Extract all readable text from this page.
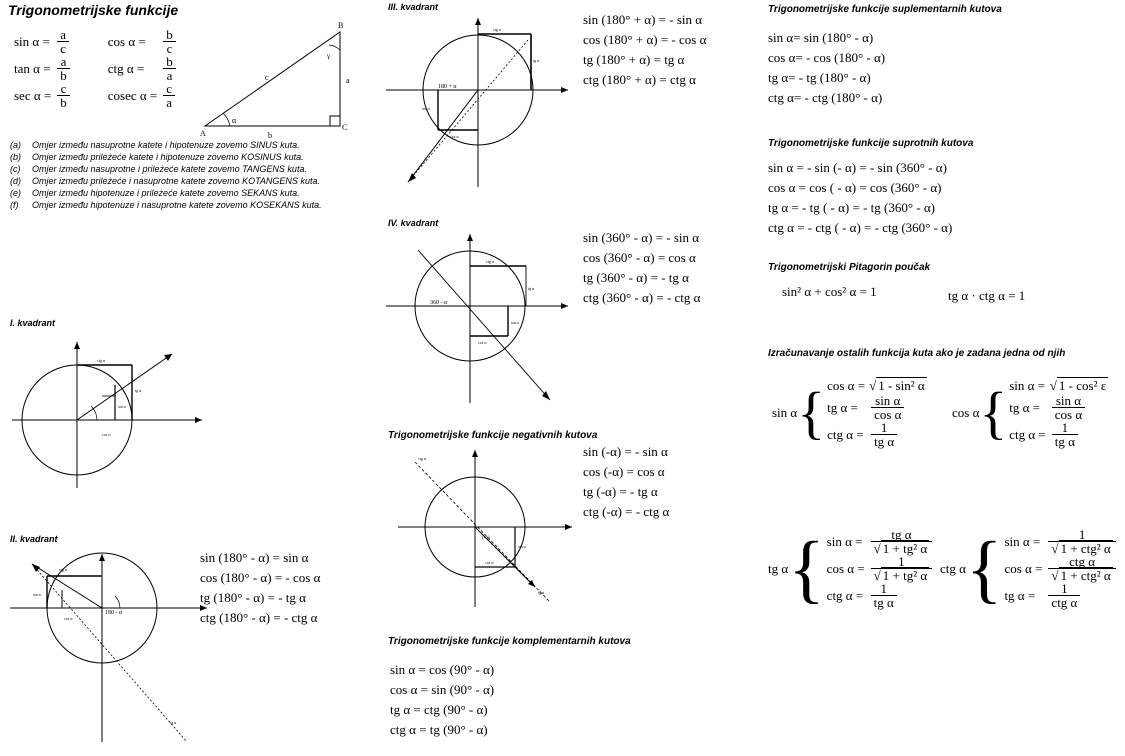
Trigonometrijske funkcije
sin α =	$\frac{a}{c}$		cos α =	$\frac{b}{c}$

tan α =	$\frac{a}{b}$		ctg α =	$\frac{b}{a}$

sec α =	$\frac{c}{b}$		cosec α =	$\frac{c}{a}$
A
B
C
b
a
c
α
γ
(a)	Omjer između nasuprotne katete i hipotenuze zovemo SINUS kuta.
(b)	Omjer između prileżeće katete i hipotenuze zovemo KOSINUS kuta.
(c)	Omjer između nasuprotne i prileżeće katete zovemo TANGENS kuta.
(d)	Omjer između prileżeće i nasuprotne katete zovemo KOTANGENS kuta.
(e)	Omjer između hipotenuze i prileżeće katete zovemo SEKANS kuta.
(f)	Omjer između hipotenuze i nasuprotne katete zovemo KOSEKANS kuta.
I. kvadrant
ctg α
tg α
sin α
cos α
II. kvadrant
ctg α
sin α
cos α
180 - α
tg α
sin (180° - α) = sin α
cos (180° - α) = - cos α
tg (180° - α) = - tg α
ctg (180° - α) = - ctg α
III. kvadrant
ctg α
tg α
sin α
cos α
180 + α
sin (180° + α) = - sin α
cos (180° + α) = - cos α
tg (180° + α) = tg α
ctg (180° + α) = ctg α
IV. kvadrant
ctg α
tg α
sin α
cos α
360 - α
sin (360° - α) = - sin α
cos (360° - α) = cos α
tg (360° - α) = - tg α
ctg (360° - α) = - ctg α
Trigonometrijske funkcije negativnih kutova
ctg α
sin α
cos α
tg α
(-α)
sin (-α) = - sin α
cos (-α) = cos α
tg (-α) = - tg α
ctg (-α) = - ctg α
Trigonometrijske funkcije komplementarnih kutova
sin α = cos (90° - α)
cos α = sin (90° - α)
tg α = ctg (90° - α)
ctg α = tg (90° - α)
Trigonometrijske funkcije suplementarnih kutova
sin α= sin (180° - α)
cos α= - cos (180° - α)
tg α= - tg (180° - α)
ctg α= - ctg (180° - α)
Trigonometrijske funkcije suprotnih kutova
sin α = - sin (- α) = - sin (360° - α)
cos α = cos ( - α) = cos (360° - α)
tg α = - tg ( - α) = - tg (360° - α)
ctg α = - ctg ( - α) = - ctg (360° - α)
Trigonometrijski Pitagorin poučak
sin² α + cos² α = 1	tg α · ctg α = 1
Izračunavanje ostalih funkcija kuta ako je zadana jedna od njih
sin α { cos α =	√ 1 - sin² α
tg α =	$\frac{\text{sin α}}{\text{cos α}}$

ctg α =	$\frac{1}{\text{tg α}}$
cos α { sin α =	√ 1 - cos² ε
tg α =	$\frac{\text{sin α}}{\text{cos α}}$

ctg α =	$\frac{1}{\text{tg α}}$
tg α { sin α =	$\frac{\text{tg α}}{\text{√ 1 + tg² α}}$

cos α =	$\frac{1}{\text{√ 1 + tg² α}}$

ctg α =	$\frac{1}{\text{tg α}}$
ctg α { sin α =	$\frac{1}{\text{√ 1 + ctg² α}}$

cos α =	$\frac{\text{ctg α}}{\text{√ 1 + ctg² α}}$

tg α =	$\frac{1}{\text{ctg α}}$
